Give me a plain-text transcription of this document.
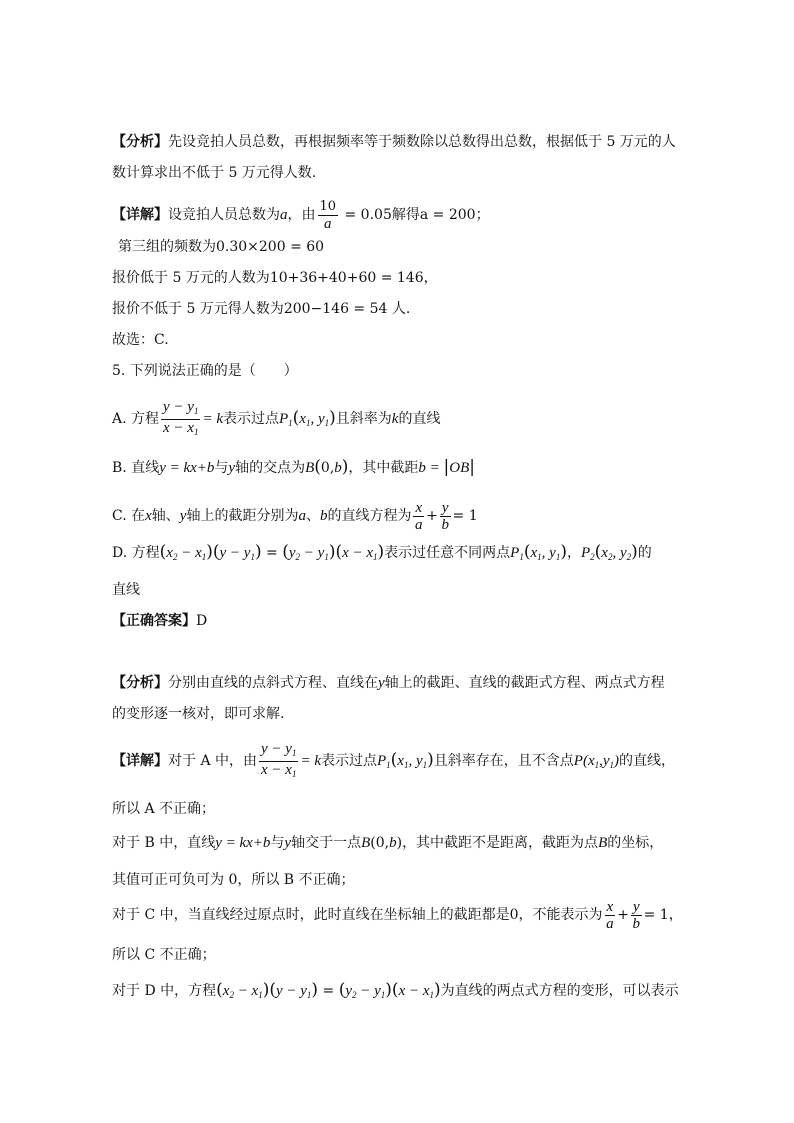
【分析】先设竞拍人员总数，再根据频率等于频数除以总数得出总数，根据低于 5 万元的人
数计算求出不低于 5 万元得人数.
【详解】设竞拍人员总数为a，由 $\frac{10}{a} = 0.05$解得a = 200；
第三组的频数为0.30×200 = 60
报价低于 5 万元的人数为10+36+40+60 = 146，
报价不低于 5 万元得人数为200−146 = 54 人.
故选：C.
5. 下列说法正确的是（　　）
A. 方程 $\frac{y - y_1}{x - x_1} = k$表示过点$P_1(x_1$, $y_1$)且斜率为k的直线
B. 直线y = kx+b与y轴的交点为B(0,b)，其中截距b = |OB|
C. 在x轴、y轴上的截距分别为a、b的直线方程为 $\frac{x}{a} + \frac{y}{b} = 1$
D. 方程$(x_2 - x_1)(y - y_1) = (y_2 - y_1)(x - x_1)$表示过任意不同两点$P_1(x_1$, $y_1$)，$P_2(x_2$, $y_2$)的
直线
【正确答案】D
【分析】分别由直线的点斜式方程、直线在y轴上的截距、直线的截距式方程、两点式方程
的变形逐一核对，即可求解.
【详解】对于 A 中，由 $\frac{y - y_1}{x - x_1} = k$表示过点$P_1(x_1$, $y_1$)且斜率存在，且不含点$P(x_1,y_1)$的直线，
所以 A 不正确；
对于 B 中，直线y = kx+b与y轴交于一点B(0,b)，其中截距不是距离，截距为点B的坐标，
其值可正可负可为 0，所以 B 不正确；
对于 C 中，当直线经过原点时，此时直线在坐标轴上的截距都是0，不能表示为 $\frac{x}{a} + \frac{y}{b} = 1$，
所以 C 不正确；
对于 D 中，方程$(x_2 - x_1)(y - y_1) = (y_2 - y_1)(x - x_1)$为直线的两点式方程的变形，可以表示
